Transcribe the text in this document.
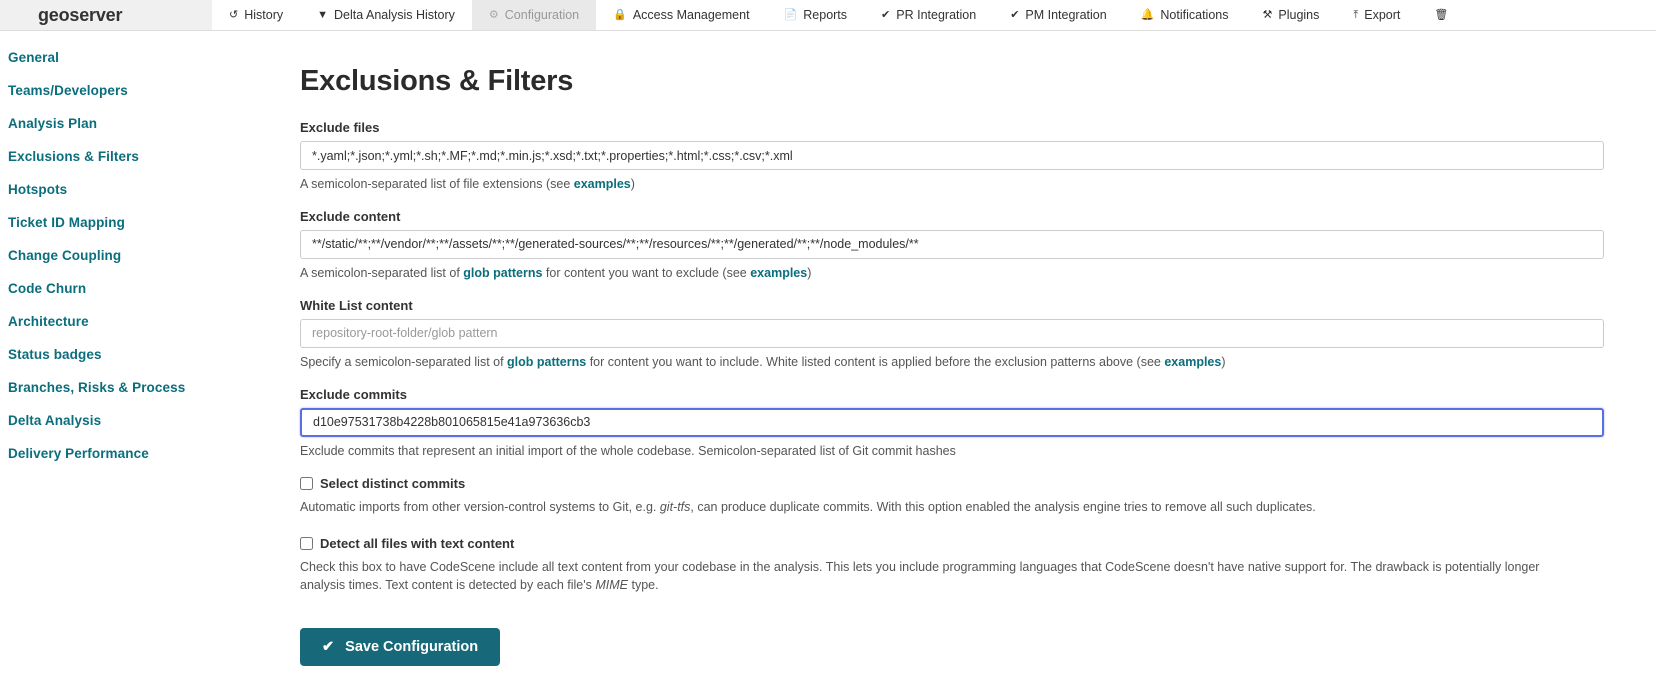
geoserver	↺ History	▼ Delta Analysis History	⚙ Configuration	🔒 Access Management	📄 Reports	✔ PR Integration	✔ PM Integration	🔔 Notifications	⚒ Plugins	⤒ Export	🗑
General
Teams/Developers
Analysis Plan
Exclusions & Filters
Hotspots
Ticket ID Mapping
Change Coupling
Code Churn
Architecture
Status badges
Branches, Risks & Process
Delta Analysis
Delivery Performance
Exclusions & Filters
Exclude files
*.yaml;*.json;*.yml;*.sh;*.MF;*.md;*.min.js;*.xsd;*.txt;*.properties;*.html;*.css;*.csv;*.xml
A semicolon-separated list of file extensions (see examples)
Exclude content
**/static/**;**/vendor/**;**/assets/**;**/generated-sources/**;**/resources/**;**/generated/**;**/node_modules/**
A semicolon-separated list of glob patterns for content you want to exclude (see examples)
White List content
repository-root-folder/glob pattern
Specify a semicolon-separated list of glob patterns for content you want to include. White listed content is applied before the exclusion patterns above (see examples)
Exclude commits
d10e97531738b4228b801065815e41a973636cb3
Exclude commits that represent an initial import of the whole codebase. Semicolon-separated list of Git commit hashes
Select distinct commits
Automatic imports from other version-control systems to Git, e.g. git-tfs, can produce duplicate commits. With this option enabled the analysis engine tries to remove all such duplicates.
Detect all files with text content
Check this box to have CodeScene include all text content from your codebase in the analysis. This lets you include programming languages that CodeScene doesn't have native support for. The drawback is potentially longer analysis times. Text content is detected by each file's MIME type.
✔ Save Configuration
